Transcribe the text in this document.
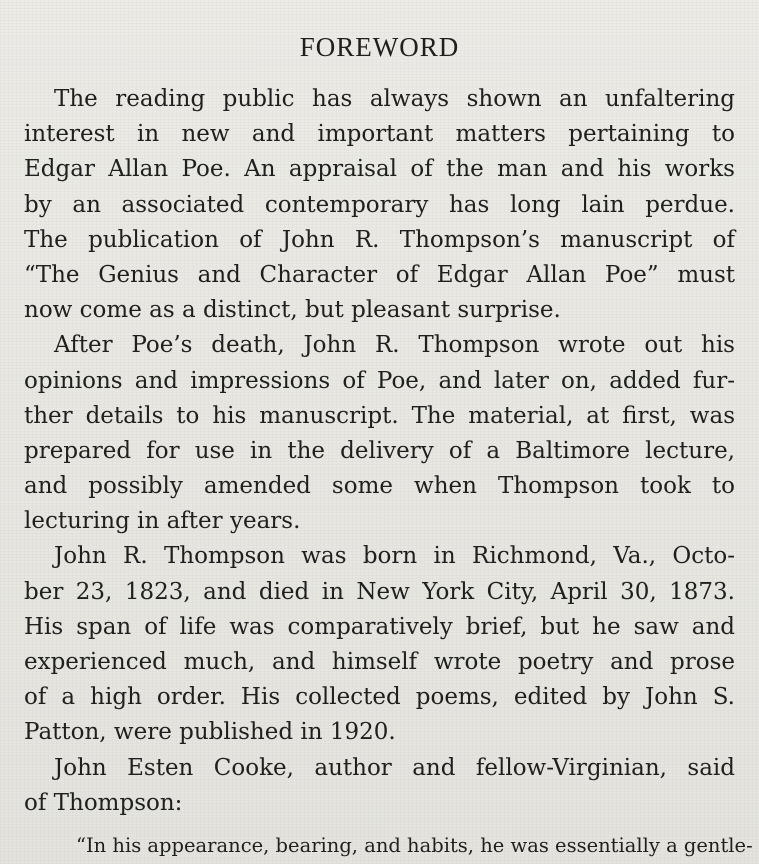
FOREWORD
The reading public has always shown an unfaltering
interest in new and important matters pertaining to
Edgar Allan Poe. An appraisal of the man and his works
by an associated contemporary has long lain perdue.
The publication of John R. Thompson’s manuscript of
“The Genius and Character of Edgar Allan Poe” must
now come as a distinct, but pleasant surprise.
After Poe’s death, John R. Thompson wrote out his
opinions and impressions of Poe, and later on, added fur-
ther details to his manuscript. The material, at first, was
prepared for use in the delivery of a Baltimore lecture,
and possibly amended some when Thompson took to
lecturing in after years.
John R. Thompson was born in Richmond, Va., Octo-
ber 23, 1823, and died in New York City, April 30, 1873.
His span of life was comparatively brief, but he saw and
experienced much, and himself wrote poetry and prose
of a high order. His collected poems, edited by John S.
Patton, were published in 1920.
John Esten Cooke, author and fellow-Virginian, said
of Thompson:
“In his appearance, bearing, and habits, he was essentially a gentle-
